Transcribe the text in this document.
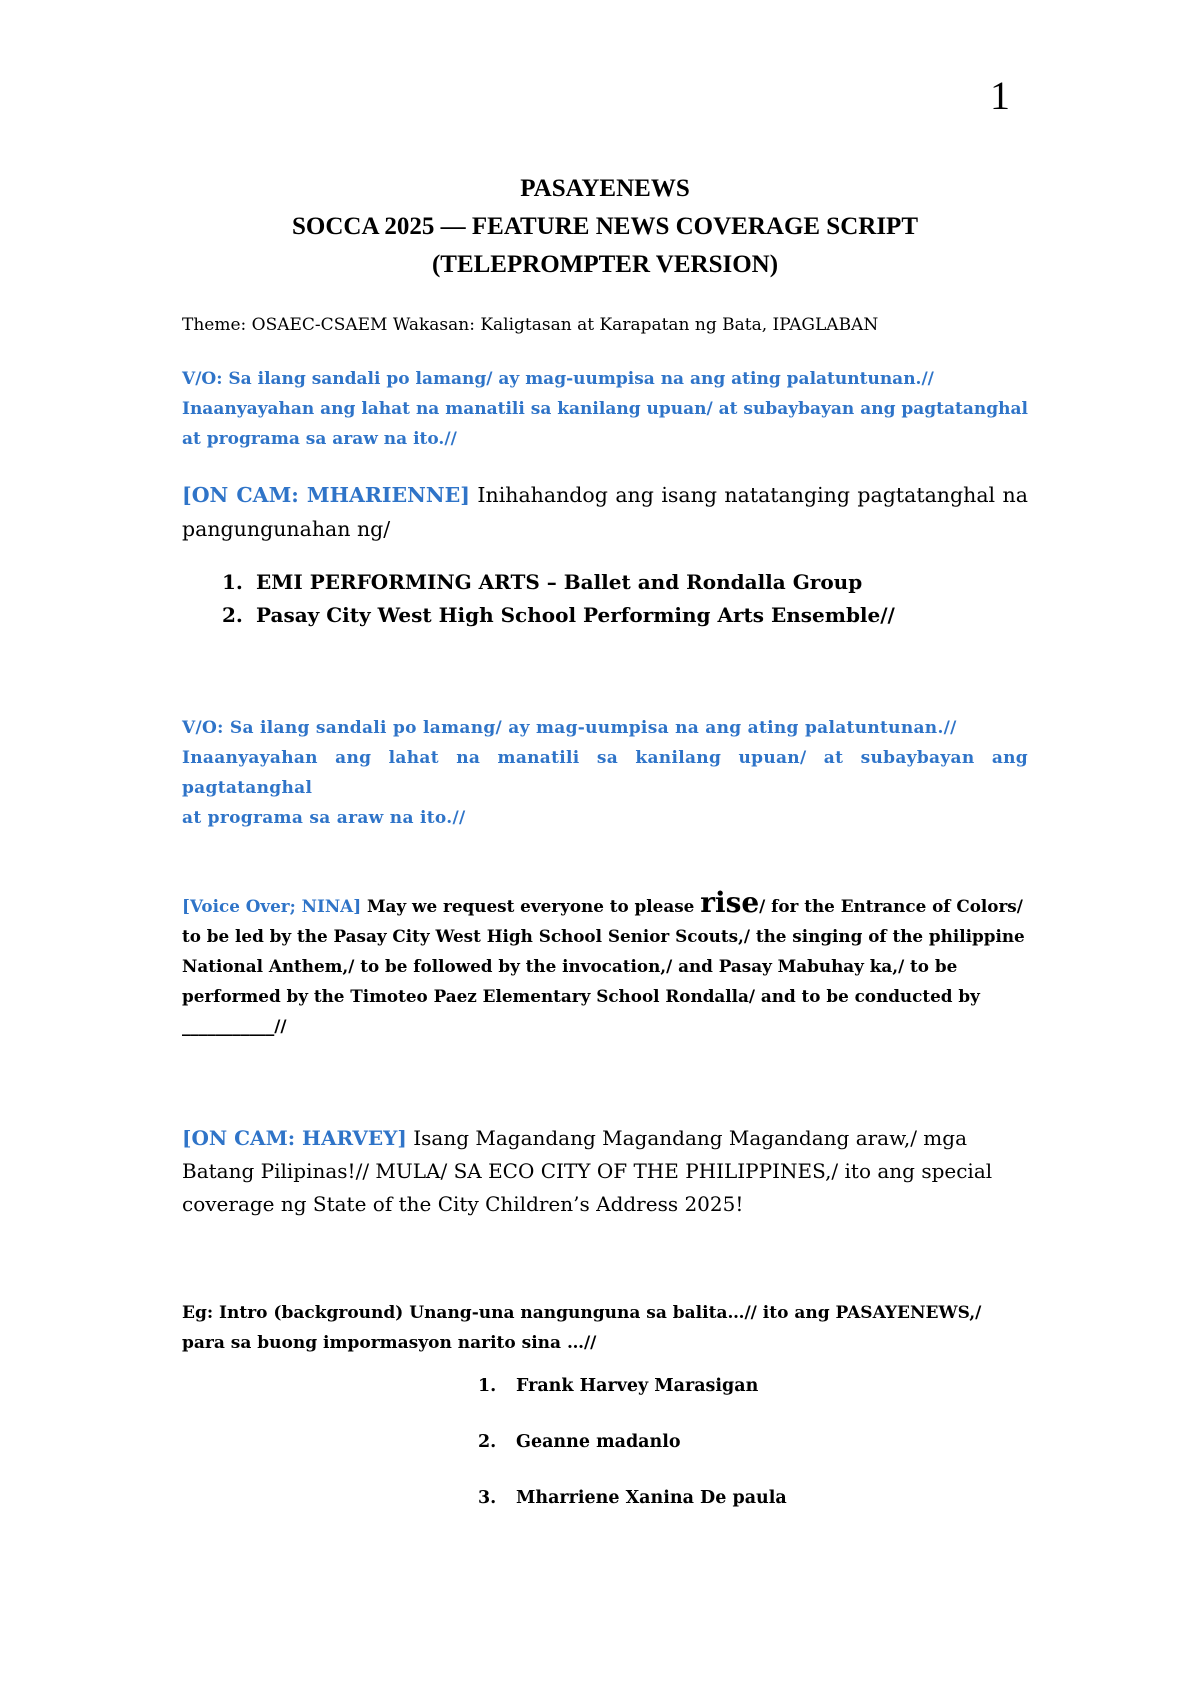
1
PASAYENEWS
SOCCA 2025 — FEATURE NEWS COVERAGE SCRIPT
(TELEPROMPTER VERSION)
Theme: OSAEC-CSAEM Wakasan: Kaligtasan at Karapatan ng Bata, IPAGLABAN
V/O: Sa ilang sandali po lamang/ ay mag-uumpisa na ang ating palatuntunan.//
Inaanyayahan ang lahat na manatili sa kanilang upuan/ at subaybayan ang pagtatanghal
at programa sa araw na ito.//
[ON CAM: MHARIENNE] Inihahandog ang isang natatanging pagtatanghal na pangungunahan ng/
1. EMI PERFORMING ARTS – Ballet and Rondalla Group
2. Pasay City West High School Performing Arts Ensemble//
V/O: Sa ilang sandali po lamang/ ay mag-uumpisa na ang ating palatuntunan.//
Inaanyayahan ang lahat na manatili sa kanilang upuan/ at subaybayan ang pagtatanghal
at programa sa araw na ito.//
[Voice Over; NINA] May we request everyone to please rise/ for the Entrance of Colors/ to be led by the Pasay City West High School Senior Scouts,/ the singing of the philippine National Anthem,/ to be followed by the invocation,/ and Pasay Mabuhay ka,/ to be performed by the Timoteo Paez Elementary School Rondalla/ and to be conducted by ___________//
[ON CAM: HARVEY] Isang Magandang Magandang Magandang araw,/ mga Batang Pilipinas!// MULA/ SA ECO CITY OF THE PHILIPPINES,/ ito ang special coverage ng State of the City Children’s Address 2025!
Eg: Intro (background) Unang-una nangunguna sa balita…// ito ang PASAYENEWS,/
para sa buong impormasyon narito sina …//
1.	Frank Harvey Marasigan
2.	Geanne madanlo
3.	Mharriene Xanina De paula
